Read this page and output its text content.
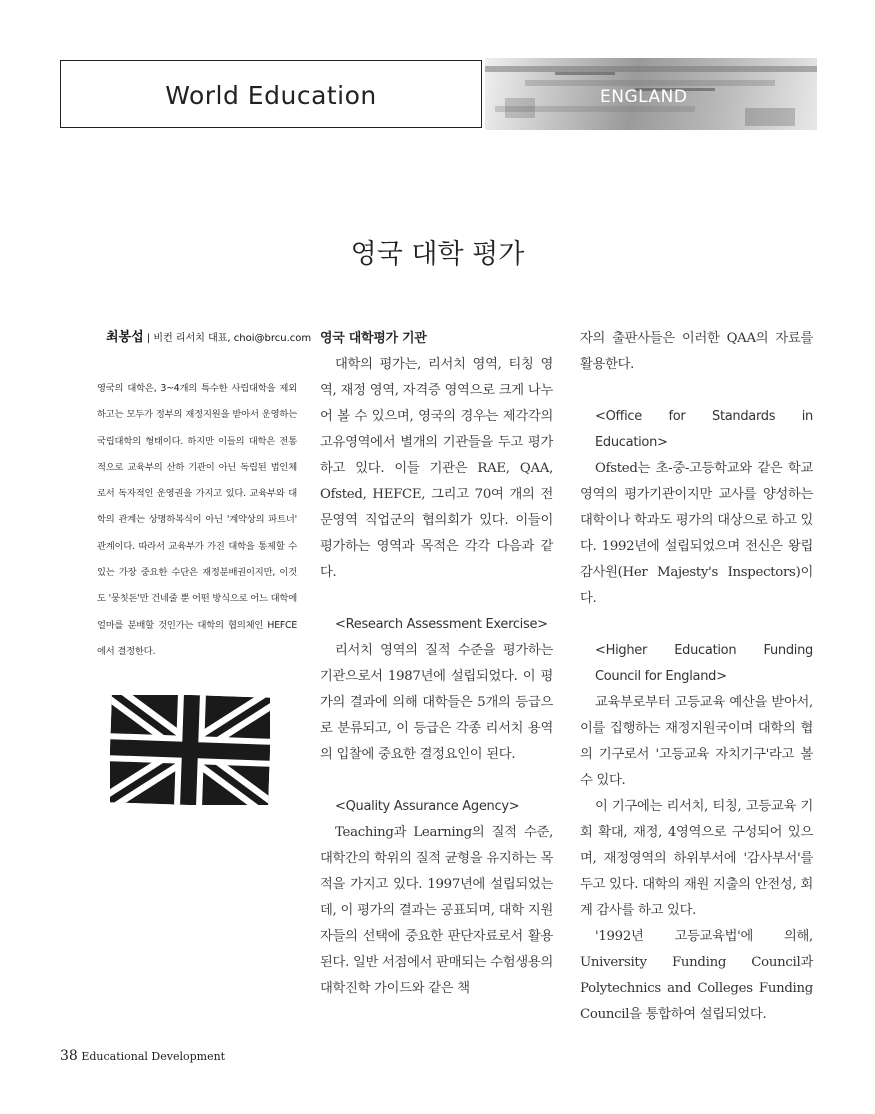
World Education	ENGLAND
영국 대학 평가
최봉섭 | 비컨 리서치 대표, choi@brcu.com
영국의 대학은, 3~4개의 특수한 사립대학을 제외하고는 모두가 정부의 재정지원을 받아서 운영하는 국립대학의 형태이다. 하지만 이들의 대학은 전통적으로 교육부의 산하 기관이 아닌 독립된 법인체로서 독자적인 운영권을 가지고 있다. 교육부와 대학의 관계는 상명하복식이 아닌 '계약상의 파트너' 관계이다. 따라서 교육부가 가진 대학을 통제할 수 있는 가장 중요한 수단은 재정분배권이지만, 이것도 '뭉칫돈'만 건네줄 뿐 어떤 방식으로 어느 대학에 얼마를 분배할 것인가는 대학의 협의체인 HEFCE에서 결정한다.

영국 대학평가 기관

대학의 평가는, 리서치 영역, 티칭 영역, 재정 영역, 자격증 영역으로 크게 나누어 볼 수 있으며, 영국의 경우는 제각각의 고유영역에서 별개의 기관들을 두고 평가하고 있다. 이들 기관은 RAE, QAA, Ofsted, HEFCE, 그리고 70여 개의 전문영역 직업군의 협의회가 있다. 이들이 평가하는 영역과 목적은 각각 다음과 같다.

<Research Assessment Exercise>

리서치 영역의 질적 수준을 평가하는 기관으로서 1987년에 설립되었다. 이 평가의 결과에 의해 대학들은 5개의 등급으로 분류되고, 이 등급은 각종 리서치 용역의 입찰에 중요한 결정요인이 된다.

<Quality Assurance Agency>

Teaching과 Learning의 질적 수준, 대학간의 학위의 질적 균형을 유지하는 목적을 가지고 있다. 1997년에 설립되었는데, 이 평가의 결과는 공표되며, 대학 지원자들의 선택에 중요한 판단자료로서 활용된다. 일반 서점에서 판매되는 수험생용의 대학진학 가이드와 같은 책

자의 출판사들은 이러한 QAA의 자료를 활용한다.

<Office for Standards in Education>

Ofsted는 초-중-고등학교와 같은 학교영역의 평가기관이지만 교사를 양성하는 대학이나 학과도 평가의 대상으로 하고 있다. 1992년에 설립되었으며 전신은 왕립 감사원(Her Majesty's Inspectors)이다.

<Higher Education Funding Council for England>

교육부로부터 고등교육 예산을 받아서, 이를 집행하는 재정지원국이며 대학의 협의 기구로서 '고등교육 자치기구'라고 볼 수 있다.

이 기구에는 리서치, 티칭, 고등교육 기회 확대, 재정, 4영역으로 구성되어 있으며, 재정영역의 하위부서에 '감사부서'를 두고 있다. 대학의 재원 지출의 안전성, 회계 감사를 하고 있다.

'1992년 고등교육법'에 의해, University Funding Council과 Polytechnics and Colleges Funding Council을 통합하여 설립되었다.

38 Educational Development
